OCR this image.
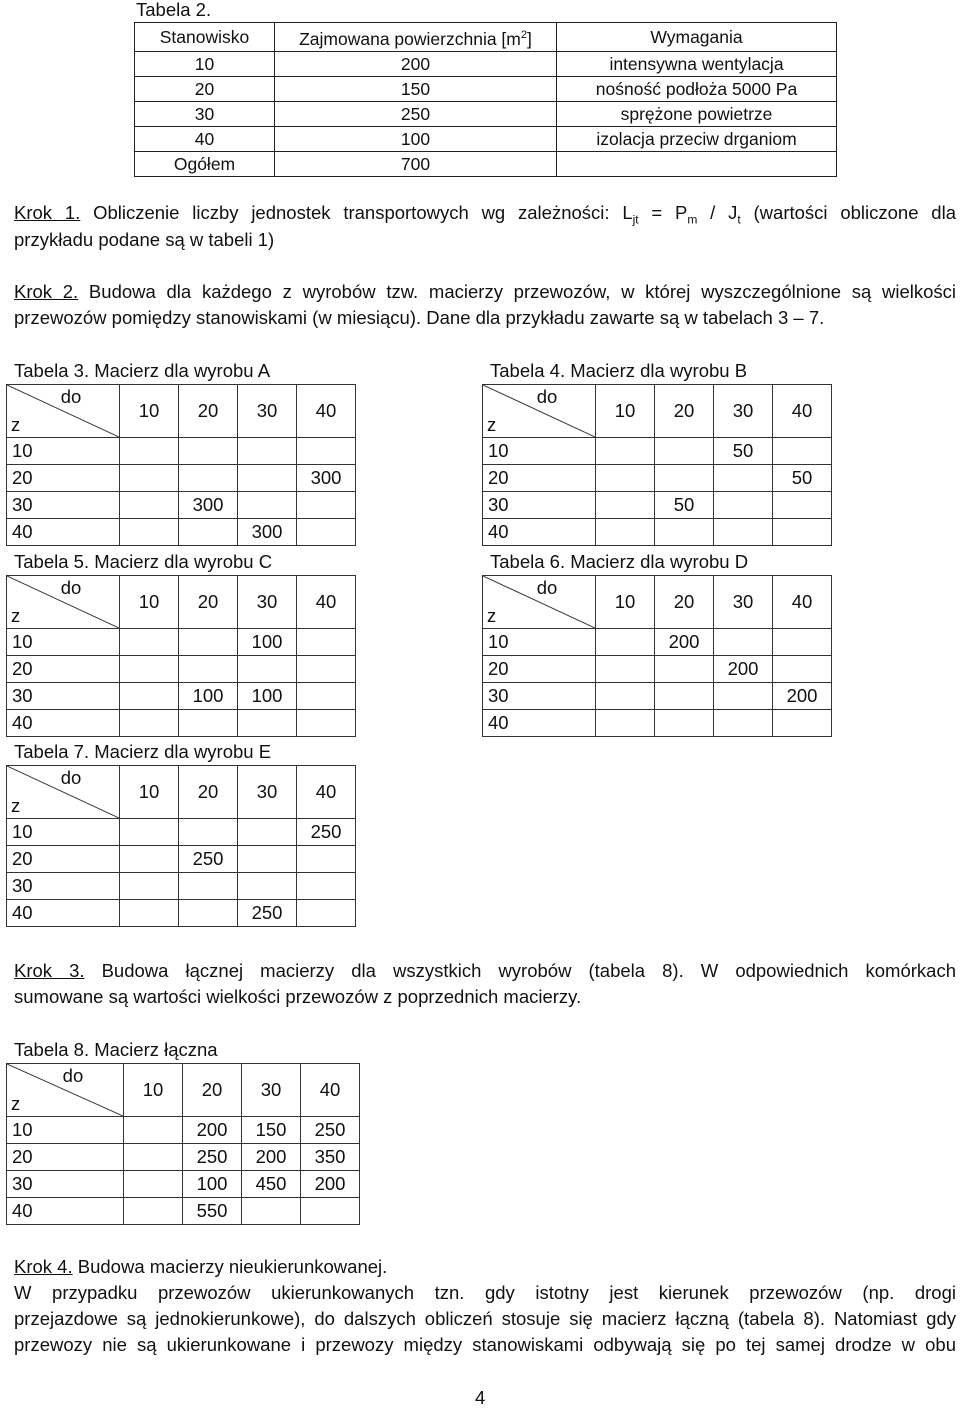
Tabela 2.
Stanowisko	Zajmowana powierzchnia $[m^2]$	Wymagania
10	200	intensywna wentylacja
20	150	nośność podłoża 5000 Pa
30	250	sprężone powietrze
40	100	izolacja przeciw drganiom
Ogółem	700	
Krok 1. Obliczenie liczby jednostek transportowych wg zależności: $L_{jt} = P_m / J_t$ (wartości obliczone dla
przykładu podane są w tabeli 1)
Krok 2. Budowa dla każdego z wyrobów tzw. macierzy przewozów, w której wyszczególnione są wielkości
przewozów pomiędzy stanowiskami (w miesiącu). Dane dla przykładu zawarte są w tabelach 3 – 7.
Tabela 3. Macierz dla wyrobu A	Tabela 4. Macierz dla wyrobu B
Tabela 5. Macierz dla wyrobu C	Tabela 6. Macierz dla wyrobu D
Tabela 7. Macierz dla wyrobu E
Tabela 8. Macierz łączna
do
z	10	20	30	40
10				
20				300
30		300		
40			300	
do
z	10	20	30	40
10			50	
20				50
30		50		
40				
do
z	10	20	30	40
10			100	
20				
30		100	100	
40				
do
z	10	20	30	40
10		200		
20			200	
30				200
40				
do
z	10	20	30	40
10				250
20		250		
30				
40			250	
do
z	10	20	30	40
10		200	150	250
20		250	200	350
30		100	450	200
40		550		
Krok 3. Budowa łącznej macierzy dla wszystkich wyrobów (tabela 8). W odpowiednich komórkach
sumowane są wartości wielkości przewozów z poprzednich macierzy.
Krok 4. Budowa macierzy nieukierunkowanej.
W przypadku przewozów ukierunkowanych tzn. gdy istotny jest kierunek przewozów (np. drogi
przejazdowe są jednokierunkowe), do dalszych obliczeń stosuje się macierz łączną (tabela 8). Natomiast gdy
przewozy nie są ukierunkowane i przewozy między stanowiskami odbywają się po tej samej drodze w obu
4
